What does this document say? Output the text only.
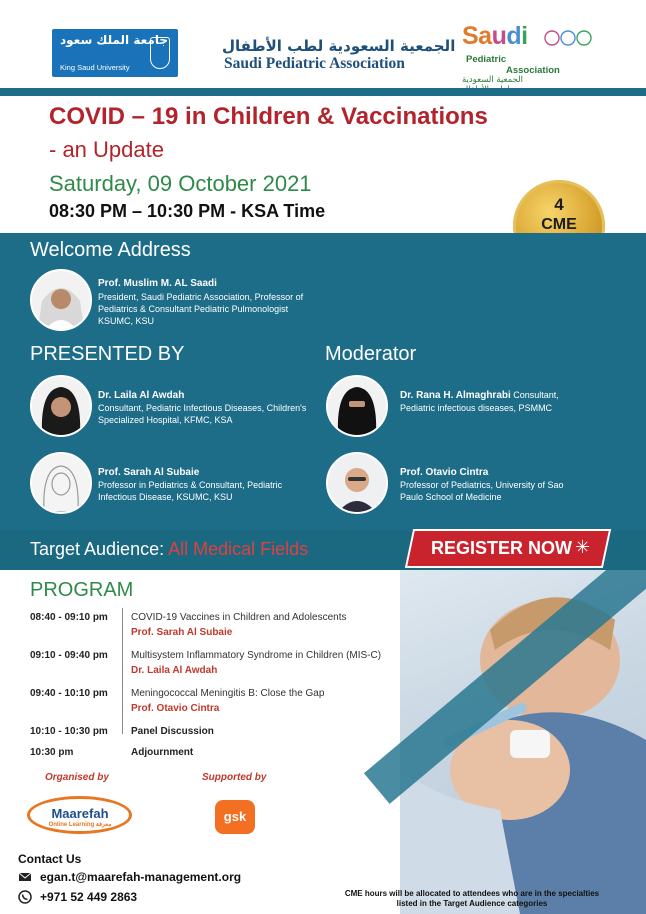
جامعة الملك سعود
King Saud University
الجمعية السعودية لطب الأطفال
Saudi Pediatric Association
Saudi
Pediatric
Association
الجمعية السعودية
COVID – 19 in Children & Vaccinations
- an Update
Saturday, 09 October 2021
08:30 PM – 10:30 PM - KSA Time	4
CME
Welcome Address
Prof. Muslim M. AL Saadi
President, Saudi Pediatric Association, Professor of
Pediatrics & Consultant Pediatric Pulmonologist
KSUMC, KSU
PRESENTED BY	Moderator
Dr. Laila Al Awdah
Consultant, Pediatric Infectious Diseases, Children's
Specialized Hospital, KFMC, KSA
Prof. Sarah Al Subaie
Professor in Pediatrics & Consultant, Pediatric
Infectious Disease, KSUMC, KSU
Dr. Rana H. Almaghrabi Consultant,
Pediatric infectious diseases, PSMMC
Prof. Otavio Cintra
Professor of Pediatrics, University of Sao
Paulo School of Medicine
Target Audience: All Medical Fields	REGISTER NOW ✳
PROGRAM
08:40 - 09:10 pm COVID-19 Vaccines in Children and Adolescents
Prof. Sarah Al Subaie
09:10 - 09:40 pm Multisystem Inflammatory Syndrome in Children (MIS-C)
Dr. Laila Al Awdah
09:40 - 10:10 pm Meningococcal Meningitis B: Close the Gap
Prof. Otavio Cintra
10:10 - 10:30 pm Panel Discussion
10:30 pm	Adjournment
Organised by	Supported by
Maarefah
Online Learning معرفة
gsk
Contact Us
egan.t@maarefah-management.org
+971 52 449 2863	CME hours will be allocated to attendees who are in the specialties
listed in the Target Audience categories
